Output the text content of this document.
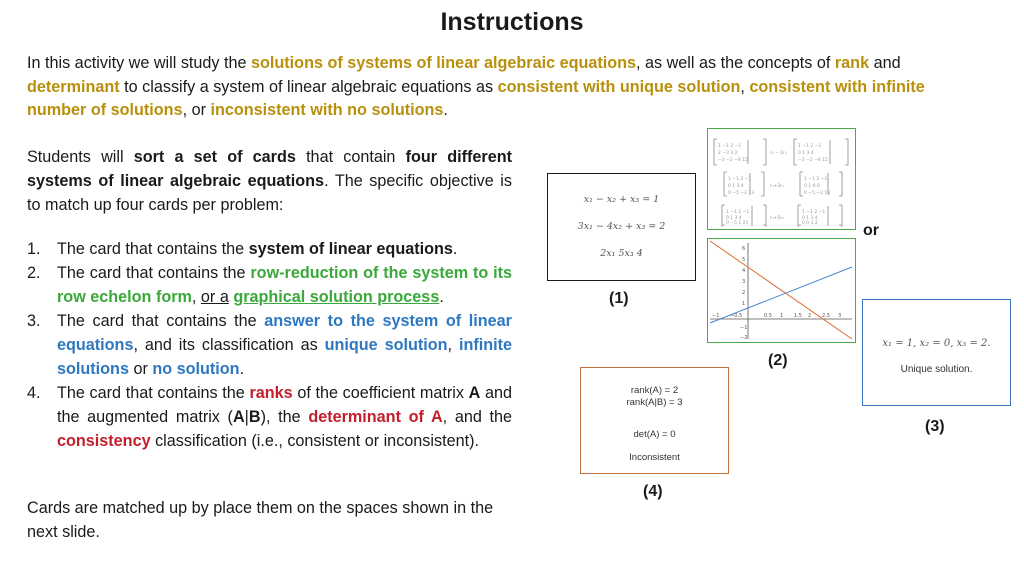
Instructions
In this activity we will study the solutions of systems of linear algebraic equations, as well as the concepts of rank and determinant to classify a system of linear algebraic equations as consistent with unique solution, consistent with infinite number of solutions, or inconsistent with no solutions.
Students will sort a set of cards that contain four different systems of linear algebraic equations. The specific objective is to match up four cards per problem:
1. The card that contains the system of linear equations.
2. The card that contains the row-reduction of the system to its row echelon form, or a graphical solution process.
3. The card that contains the answer to the system of linear equations, and its classification as unique solution, infinite solutions or no solution.
4. The card that contains the ranks of the coefficient matrix A and the augmented matrix (A|B), the determinant of A, and the consistency classification (i.e., consistent or inconsistent).
Cards are matched up by place them on the spaces shown in the next slide.
x₁ − x₂ + x₃ = 1
3x₁ − 4x₂ + x₃ = 2
2x₁ 5x₃ 4
(1)
1 −1 2 −1
2 −3 3 2
−3 −2 −8 15
1 −1 2 −1
0 1 3 4
−3 −2 −8 15
1 −1 2 −1
0 1 3 4
0 −5 −2 13
1 −1 2 −1
0 1 0 0
0 −5 −2 13
1 −1 2 −1
0 1 3 4
0 −5 1 21
1 −1 2 −1
0 1 3 4
0 0 1 2
r₂ − 2r₁
r₃+3r₁
r₃+5r₂
or
6
5
4
3
2
1
−1
−2
−1 −0.5	0.5 1 1.5 2 2.5 3
(2)
x₁ = 1, x₂ = 0, x₃ = 2.
Unique solution.
(3)
rank(A) = 2
rank(A|B) = 3
det(A) = 0
Inconsistent
(4)
